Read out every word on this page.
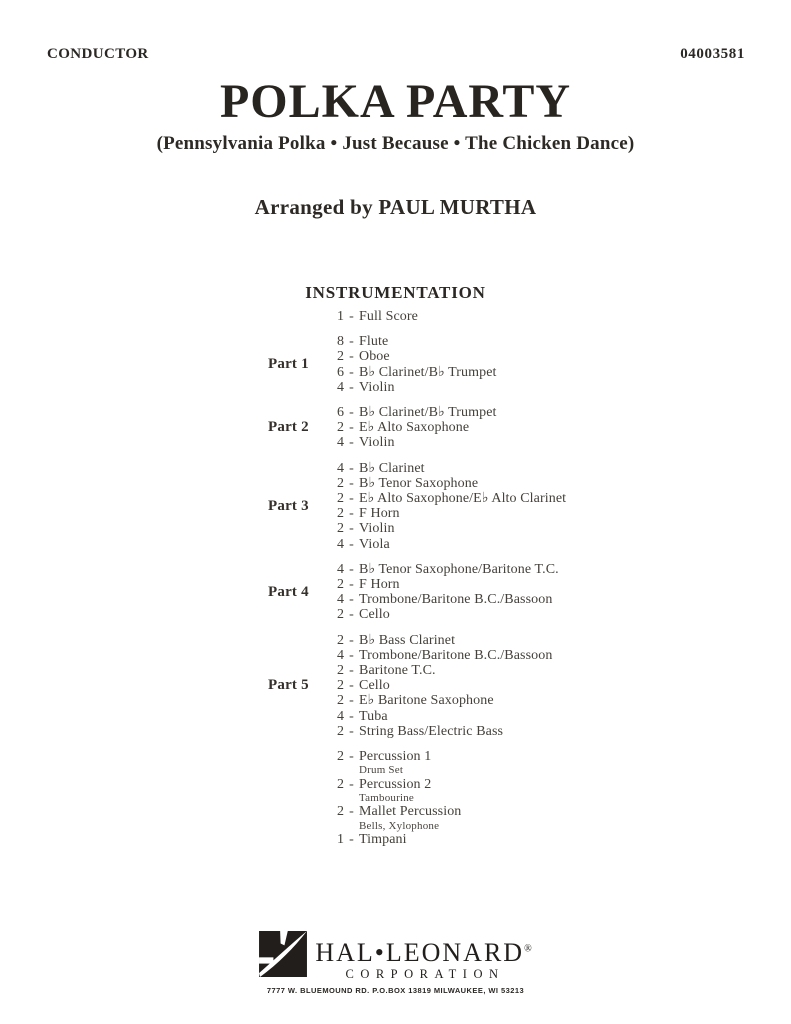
CONDUCTOR	04003581
POLKA PARTY
(Pennsylvania Polka • Just Because • The Chicken Dance)
Arranged by PAUL MURTHA
INSTRUMENTATION
1 - Full Score
Part 1
8 - Flute
2 - Oboe
6 - B♭ Clarinet/B♭ Trumpet
4 - Violin
Part 2
6 - B♭ Clarinet/B♭ Trumpet
2 - E♭ Alto Saxophone
4 - Violin
Part 3
4 - B♭ Clarinet
2 - B♭ Tenor Saxophone
2 - E♭ Alto Saxophone/E♭ Alto Clarinet
2 - F Horn
2 - Violin
4 - Viola
Part 4
4 - B♭ Tenor Saxophone/Baritone T.C.
2 - F Horn
4 - Trombone/Baritone B.C./Bassoon
2 - Cello
Part 5
2 - B♭ Bass Clarinet
4 - Trombone/Baritone B.C./Bassoon
2 - Baritone T.C.
2 - Cello
2 - E♭ Baritone Saxophone
4 - Tuba
2 - String Bass/Electric Bass
2 - Percussion 1
Drum Set
2 - Percussion 2
Tambourine
2 - Mallet Percussion
Bells, Xylophone
1 - Timpani
HAL•LEONARD®
CORPORATION
7777 W. BLUEMOUND RD. P.O.BOX 13819 MILWAUKEE, WI 53213
